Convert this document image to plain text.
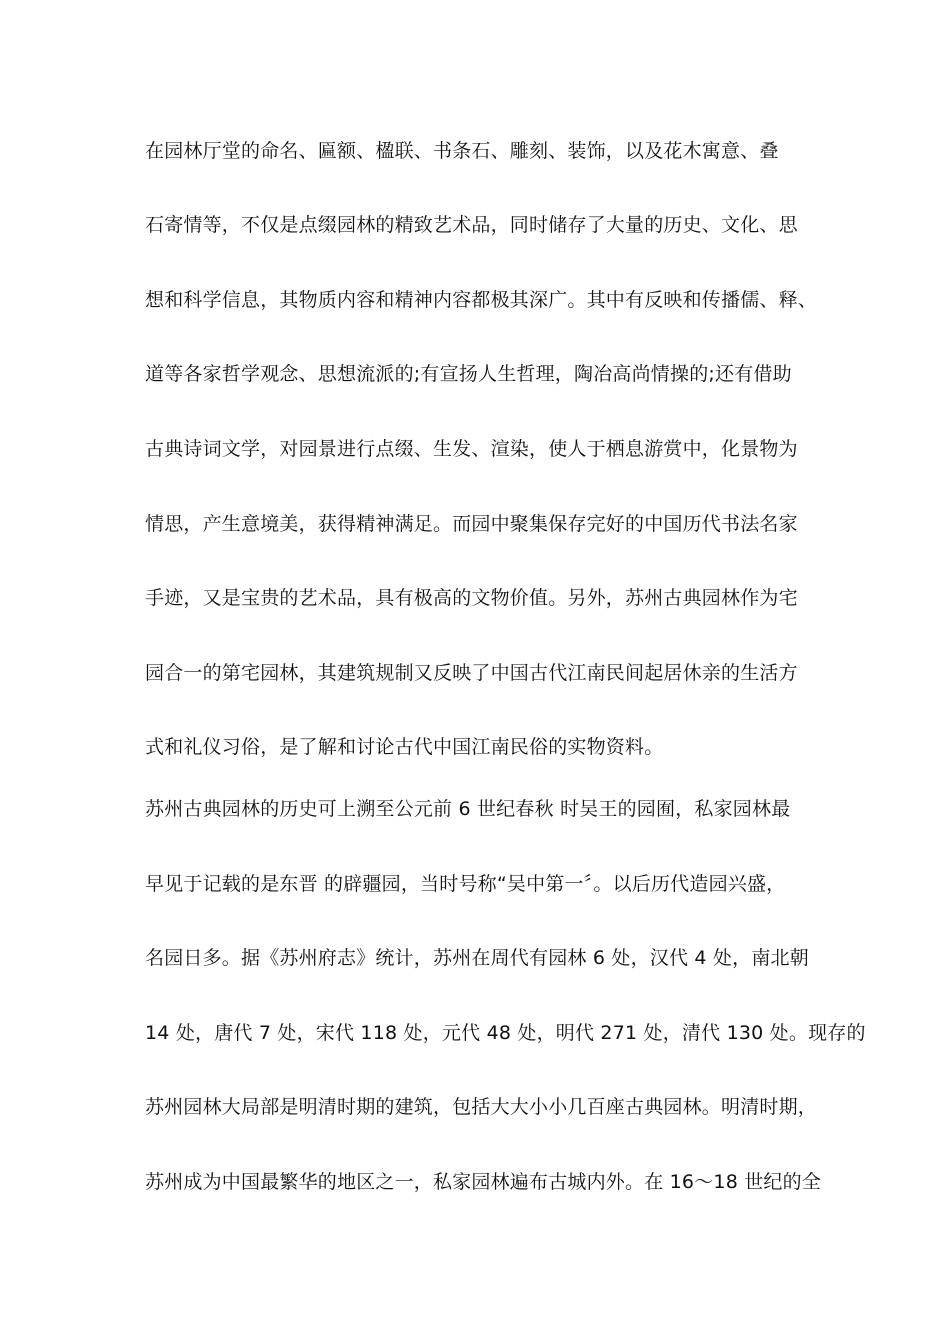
在园林厅堂的命名、匾额、楹联、书条石、雕刻、装饰，以及花木寓意、叠
石寄情等，不仅是点缀园林的精致艺术品，同时储存了大量的历史、文化、思
想和科学信息，其物质内容和精神内容都极其深广。其中有反映和传播儒、释、
道等各家哲学观念、思想流派的;有宣扬人生哲理，陶冶高尚情操的;还有借助
古典诗词文学，对园景进行点缀、生发、渲染，使人于栖息游赏中，化景物为
情思，产生意境美，获得精神满足。而园中聚集保存完好的中国历代书法名家
手迹，又是宝贵的艺术品，具有极高的文物价值。另外，苏州古典园林作为宅
园合一的第宅园林，其建筑规制又反映了中国古代江南民间起居休亲的生活方
式和礼仪习俗，是了解和讨论古代中国江南民俗的实物资料。
苏州古典园林的历史可上溯至公元前 6 世纪春秋 时吴王的园囿，私家园林最
早见于记载的是东晋 的辟疆园，当时号称“吴中第一〞。以后历代造园兴盛，
名园日多。据《苏州府志》统计，苏州在周代有园林 6 处，汉代 4 处，南北朝
14 处，唐代 7 处，宋代 118 处，元代 48 处，明代 271 处，清代 130 处。现存的
苏州园林大局部是明清时期的建筑，包括大大小小几百座古典园林。明清时期，
苏州成为中国最繁华的地区之一，私家园林遍布古城内外。在 16～18 世纪的全
